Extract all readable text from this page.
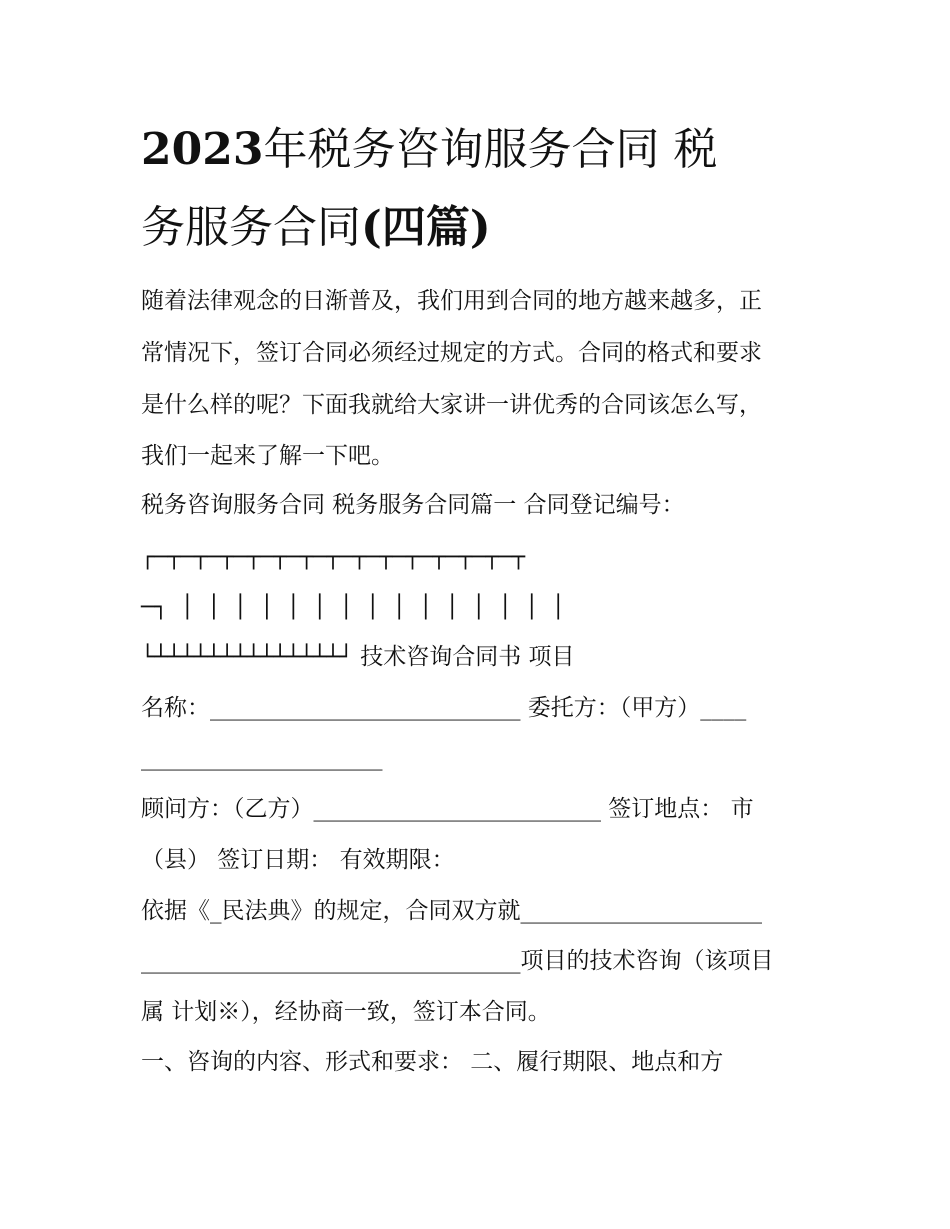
2023年税务咨询服务合同 税
务服务合同(四篇)
随着法律观念的日渐普及，我们用到合同的地方越来越多，正
常情况下，签订合同必须经过规定的方式。合同的格式和要求
是什么样的呢？下面我就给大家讲一讲优秀的合同该怎么写，
我们一起来了解一下吧。
税务咨询服务合同 税务服务合同篇一 合同登记编号：
┌─┬─┬─┬─┬─┬─┬─┬─┬─┬─┬─┬─┬─┬─┬
─┐ │ │ │ │ │ │ │ │ │ │ │ │ │ │ │
└┴┴┴┴┴┴┴┴┴┴┴┴┴┴┘ 技术咨询合同书 项目
名称：___________________________ 委托方：（甲方）____
_____________________
顾问方：（乙方）_________________________ 签订地点： 市
（县） 签订日期： 有效期限：
依据《_民法典》的规定，合同双方就_____________________
_________________________________项目的技术咨询（该项目
属 计划※），经协商一致，签订本合同。
一、咨询的内容、形式和要求： 二、履行期限、地点和方
